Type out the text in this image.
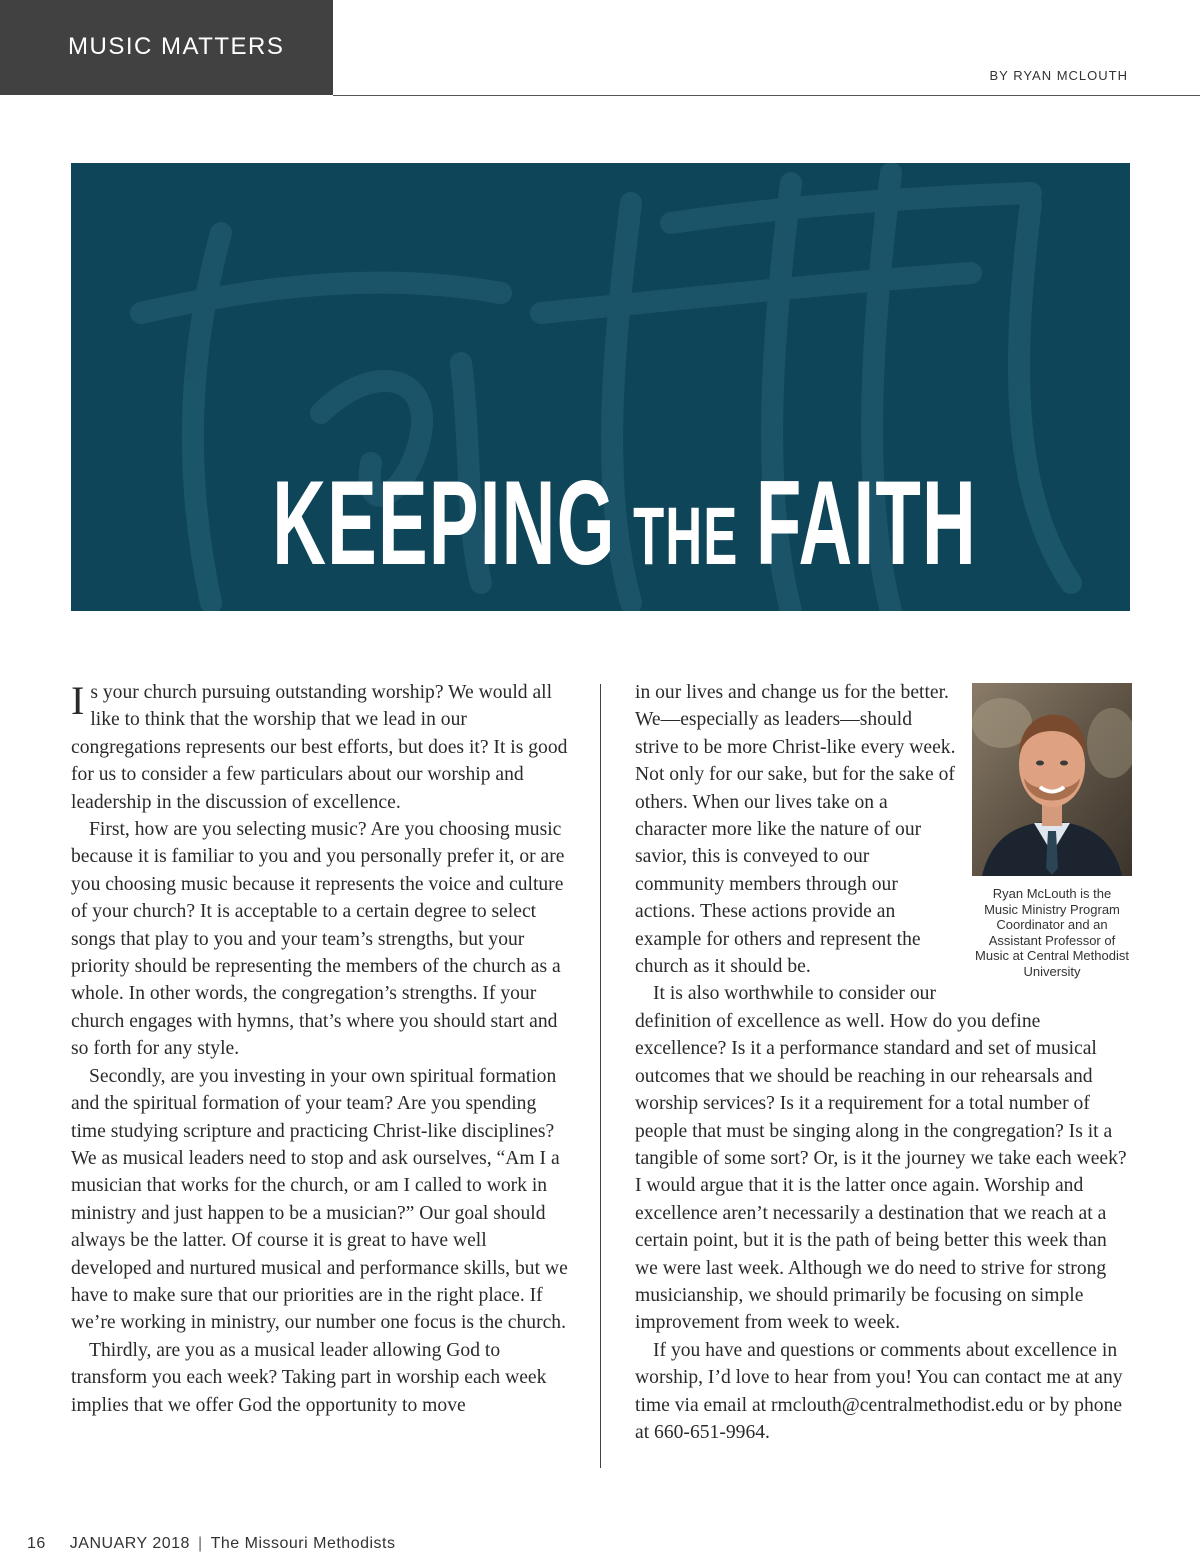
MUSIC MATTERS
BY RYAN MCLOUTH
KEEPING THE FAITH

Is your church pursuing outstanding worship? We would all like to think that the worship that we lead in our congregations represents our best efforts, but does it? It is good for us to consider a few particulars about our worship and leadership in the discussion of excellence.

First, how are you selecting music? Are you choosing music because it is familiar to you and you personally prefer it, or are you choosing music because it represents the voice and culture of your church? It is acceptable to a certain degree to select songs that play to you and your team’s strengths, but your priority should be representing the members of the church as a whole. In other words, the congregation’s strengths. If your church engages with hymns, that’s where you should start and so forth for any style.

Secondly, are you investing in your own spiritual formation and the spiritual formation of your team? Are you spending time studying scripture and practicing Christ-like disciplines? We as musical leaders need to stop and ask ourselves, “Am I a musician that works for the church, or am I called to work in ministry and just happen to be a musician?” Our goal should always be the latter. Of course it is great to have well developed and nurtured musical and performance skills, but we have to make sure that our priorities are in the right place. If we’re working in ministry, our number one focus is the church.

Thirdly, are you as a musical leader allowing God to transform you each week? Taking part in worship each week implies that we offer God the opportunity to move

Ryan McLouth is the Music Ministry Program Coordinator and an Assistant Professor of Music at Central Methodist University

in our lives and change us for the better. We—especially as leaders—should strive to be more Christ-like every week. Not only for our sake, but for the sake of others. When our lives take on a character more like the nature of our savior, this is conveyed to our community members through our actions. These actions provide an example for others and represent the church as it should be.

It is also worthwhile to consider our definition of excellence as well. How do you define excellence? Is it a performance standard and set of musical outcomes that we should be reaching in our rehearsals and worship services? Is it a requirement for a total number of people that must be singing along in the congregation? Is it a tangible of some sort? Or, is it the journey we take each week? I would argue that it is the latter once again. Worship and excellence aren’t necessarily a destination that we reach at a certain point, but it is the path of being better this week than we were last week. Although we do need to strive for strong musicianship, we should primarily be focusing on simple improvement from week to week.

If you have and questions or comments about excellence in worship, I’d love to hear from you! You can contact me at any time via email at rmclouth@centralmethodist.edu or by phone at 660-651-9964.

16 JANUARY 2018 | The Missouri Methodists
